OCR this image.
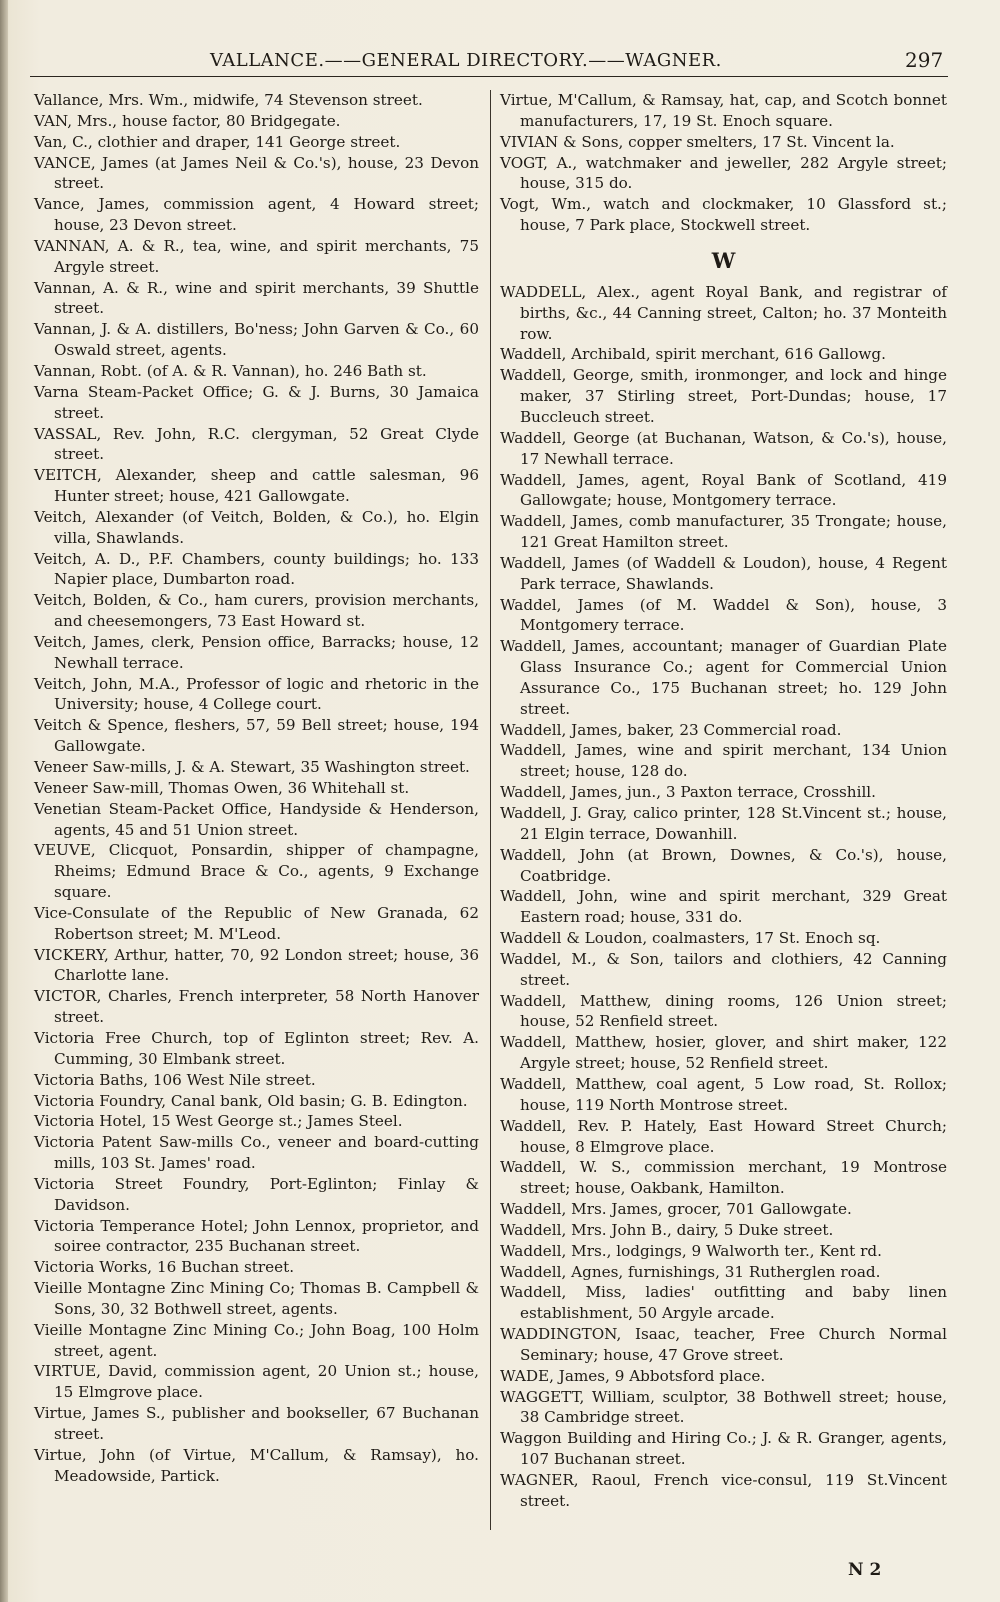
VALLANCE.——GENERAL DIRECTORY.——WAGNER.	297

Vallance, Mrs. Wm., midwife, 74 Stevenson street.

VAN, Mrs., house factor, 80 Bridgegate.

Van, C., clothier and draper, 141 George street.

VANCE, James (at James Neil & Co.'s), house, 23 Devon street.

Vance, James, commission agent, 4 Howard street; house, 23 Devon street.

VANNAN, A. & R., tea, wine, and spirit merchants, 75 Argyle street.

Vannan, A. & R., wine and spirit merchants, 39 Shuttle street.

Vannan, J. & A. distillers, Bo'ness; John Garven & Co., 60 Oswald street, agents.

Vannan, Robt. (of A. & R. Vannan), ho. 246 Bath st.

Varna Steam-Packet Office; G. & J. Burns, 30 Jamaica street.

VASSAL, Rev. John, R.C. clergyman, 52 Great Clyde street.

VEITCH, Alexander, sheep and cattle salesman, 96 Hunter street; house, 421 Gallowgate.

Veitch, Alexander (of Veitch, Bolden, & Co.), ho. Elgin villa, Shawlands.

Veitch, A. D., P.F. Chambers, county buildings; ho. 133 Napier place, Dumbarton road.

Veitch, Bolden, & Co., ham curers, provision merchants, and cheesemongers, 73 East Howard st.

Veitch, James, clerk, Pension office, Barracks; house, 12 Newhall terrace.

Veitch, John, M.A., Professor of logic and rhetoric in the University; house, 4 College court.

Veitch & Spence, fleshers, 57, 59 Bell street; house, 194 Gallowgate.

Veneer Saw-mills, J. & A. Stewart, 35 Washington street.

Veneer Saw-mill, Thomas Owen, 36 Whitehall st.

Venetian Steam-Packet Office, Handyside & Henderson, agents, 45 and 51 Union street.

VEUVE, Clicquot, Ponsardin, shipper of champagne, Rheims; Edmund Brace & Co., agents, 9 Exchange square.

Vice-Consulate of the Republic of New Granada, 62 Robertson street; M. M'Leod.

VICKERY, Arthur, hatter, 70, 92 London street; house, 36 Charlotte lane.

VICTOR, Charles, French interpreter, 58 North Hanover street.

Victoria Free Church, top of Eglinton street; Rev. A. Cumming, 30 Elmbank street.

Victoria Baths, 106 West Nile street.

Victoria Foundry, Canal bank, Old basin; G. B. Edington.

Victoria Hotel, 15 West George st.; James Steel.

Victoria Patent Saw-mills Co., veneer and board-cutting mills, 103 St. James' road.

Victoria Street Foundry, Port-Eglinton; Finlay & Davidson.

Victoria Temperance Hotel; John Lennox, proprietor, and soiree contractor, 235 Buchanan street.

Victoria Works, 16 Buchan street.

Vieille Montagne Zinc Mining Co; Thomas B. Campbell & Sons, 30, 32 Bothwell street, agents.

Vieille Montagne Zinc Mining Co.; John Boag, 100 Holm street, agent.

VIRTUE, David, commission agent, 20 Union st.; house, 15 Elmgrove place.

Virtue, James S., publisher and bookseller, 67 Buchanan street.

Virtue, John (of Virtue, M'Callum, & Ramsay), ho. Meadowside, Partick.

Virtue, M'Callum, & Ramsay, hat, cap, and Scotch bonnet manufacturers, 17, 19 St. Enoch square.

VIVIAN & Sons, copper smelters, 17 St. Vincent la.

VOGT, A., watchmaker and jeweller, 282 Argyle street; house, 315 do.

Vogt, Wm., watch and clockmaker, 10 Glassford st.; house, 7 Park place, Stockwell street.

W

WADDELL, Alex., agent Royal Bank, and registrar of births, &c., 44 Canning street, Calton; ho. 37 Monteith row.

Waddell, Archibald, spirit merchant, 616 Gallowg.

Waddell, George, smith, ironmonger, and lock and hinge maker, 37 Stirling street, Port-Dundas; house, 17 Buccleuch street.

Waddell, George (at Buchanan, Watson, & Co.'s), house, 17 Newhall terrace.

Waddell, James, agent, Royal Bank of Scotland, 419 Gallowgate; house, Montgomery terrace.

Waddell, James, comb manufacturer, 35 Trongate; house, 121 Great Hamilton street.

Waddell, James (of Waddell & Loudon), house, 4 Regent Park terrace, Shawlands.

Waddel, James (of M. Waddel & Son), house, 3 Montgomery terrace.

Waddell, James, accountant; manager of Guardian Plate Glass Insurance Co.; agent for Commercial Union Assurance Co., 175 Buchanan street; ho. 129 John street.

Waddell, James, baker, 23 Commercial road.

Waddell, James, wine and spirit merchant, 134 Union street; house, 128 do.

Waddell, James, jun., 3 Paxton terrace, Crosshill.

Waddell, J. Gray, calico printer, 128 St.Vincent st.; house, 21 Elgin terrace, Dowanhill.

Waddell, John (at Brown, Downes, & Co.'s), house, Coatbridge.

Waddell, John, wine and spirit merchant, 329 Great Eastern road; house, 331 do.

Waddell & Loudon, coalmasters, 17 St. Enoch sq.

Waddel, M., & Son, tailors and clothiers, 42 Canning street.

Waddell, Matthew, dining rooms, 126 Union street; house, 52 Renfield street.

Waddell, Matthew, hosier, glover, and shirt maker, 122 Argyle street; house, 52 Renfield street.

Waddell, Matthew, coal agent, 5 Low road, St. Rollox; house, 119 North Montrose street.

Waddell, Rev. P. Hately, East Howard Street Church; house, 8 Elmgrove place.

Waddell, W. S., commission merchant, 19 Montrose street; house, Oakbank, Hamilton.

Waddell, Mrs. James, grocer, 701 Gallowgate.

Waddell, Mrs. John B., dairy, 5 Duke street.

Waddell, Mrs., lodgings, 9 Walworth ter., Kent rd.

Waddell, Agnes, furnishings, 31 Rutherglen road.

Waddell, Miss, ladies' outfitting and baby linen establishment, 50 Argyle arcade.

WADDINGTON, Isaac, teacher, Free Church Normal Seminary; house, 47 Grove street.

WADE, James, 9 Abbotsford place.

WAGGETT, William, sculptor, 38 Bothwell street; house, 38 Cambridge street.

Waggon Building and Hiring Co.; J. & R. Granger, agents, 107 Buchanan street.

WAGNER, Raoul, French vice-consul, 119 St.Vincent street.

N 2
